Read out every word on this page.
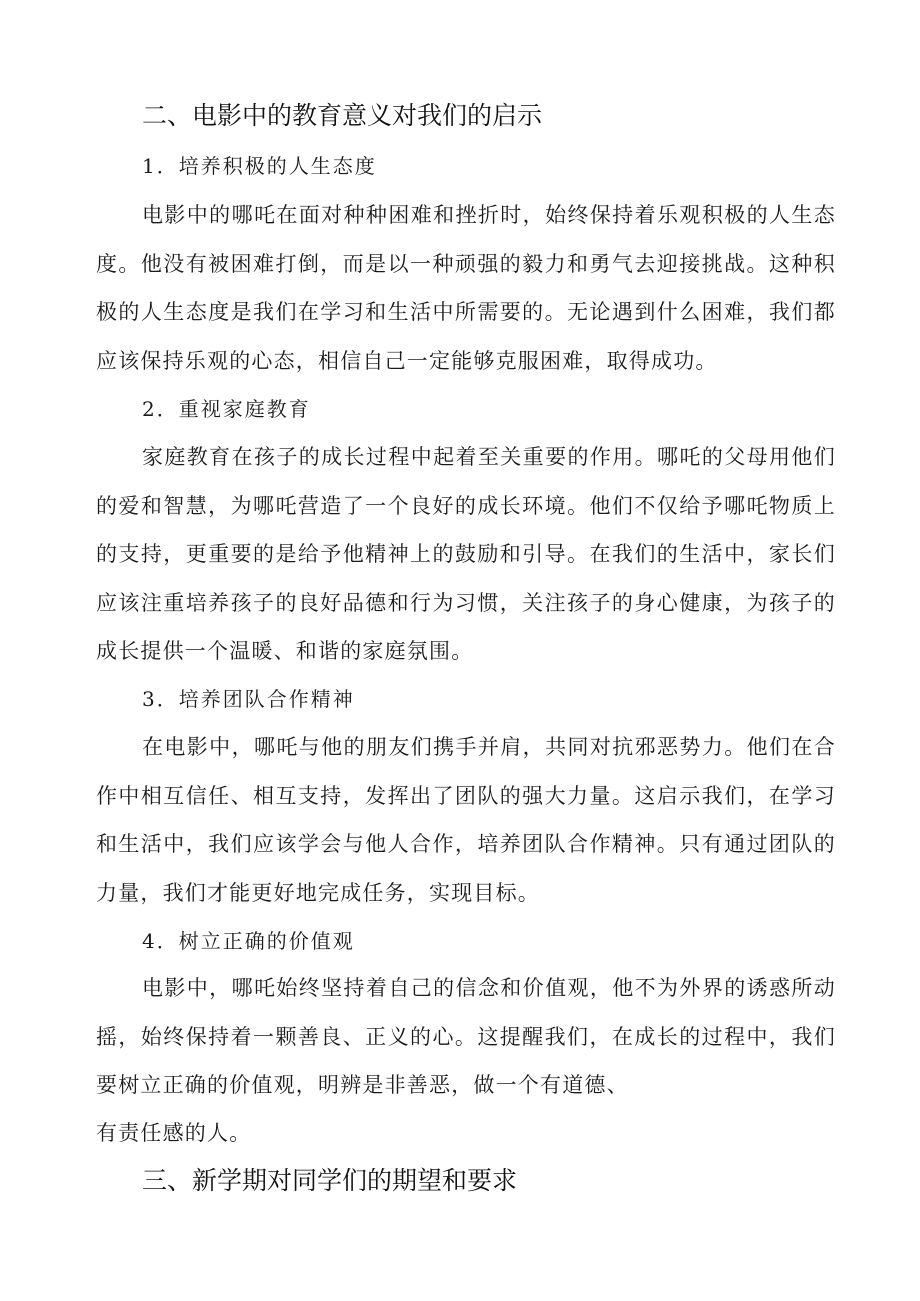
二、电影中的教育意义对我们的启示
1．培养积极的人生态度

电影中的哪吒在面对种种困难和挫折时，始终保持着乐观积极的人生态度。他没有被困难打倒，而是以一种顽强的毅力和勇气去迎接挑战。这种积极的人生态度是我们在学习和生活中所需要的。无论遇到什么困难，我们都应该保持乐观的心态，相信自己一定能够克服困难，取得成功。

2．重视家庭教育

家庭教育在孩子的成长过程中起着至关重要的作用。哪吒的父母用他们的爱和智慧，为哪吒营造了一个良好的成长环境。他们不仅给予哪吒物质上的支持，更重要的是给予他精神上的鼓励和引导。在我们的生活中，家长们应该注重培养孩子的良好品德和行为习惯，关注孩子的身心健康，为孩子的成长提供一个温暖、和谐的家庭氛围。

3．培养团队合作精神

在电影中，哪吒与他的朋友们携手并肩，共同对抗邪恶势力。他们在合作中相互信任、相互支持，发挥出了团队的强大力量。这启示我们，在学习和生活中，我们应该学会与他人合作，培养团队合作精神。只有通过团队的力量，我们才能更好地完成任务，实现目标。

4．树立正确的价值观

电影中，哪吒始终坚持着自己的信念和价值观，他不为外界的诱惑所动摇，始终保持着一颗善良、正义的心。这提醒我们，在成长的过程中，我们要树立正确的价值观，明辨是非善恶，做一个有道德、

有责任感的人。

三、新学期对同学们的期望和要求
